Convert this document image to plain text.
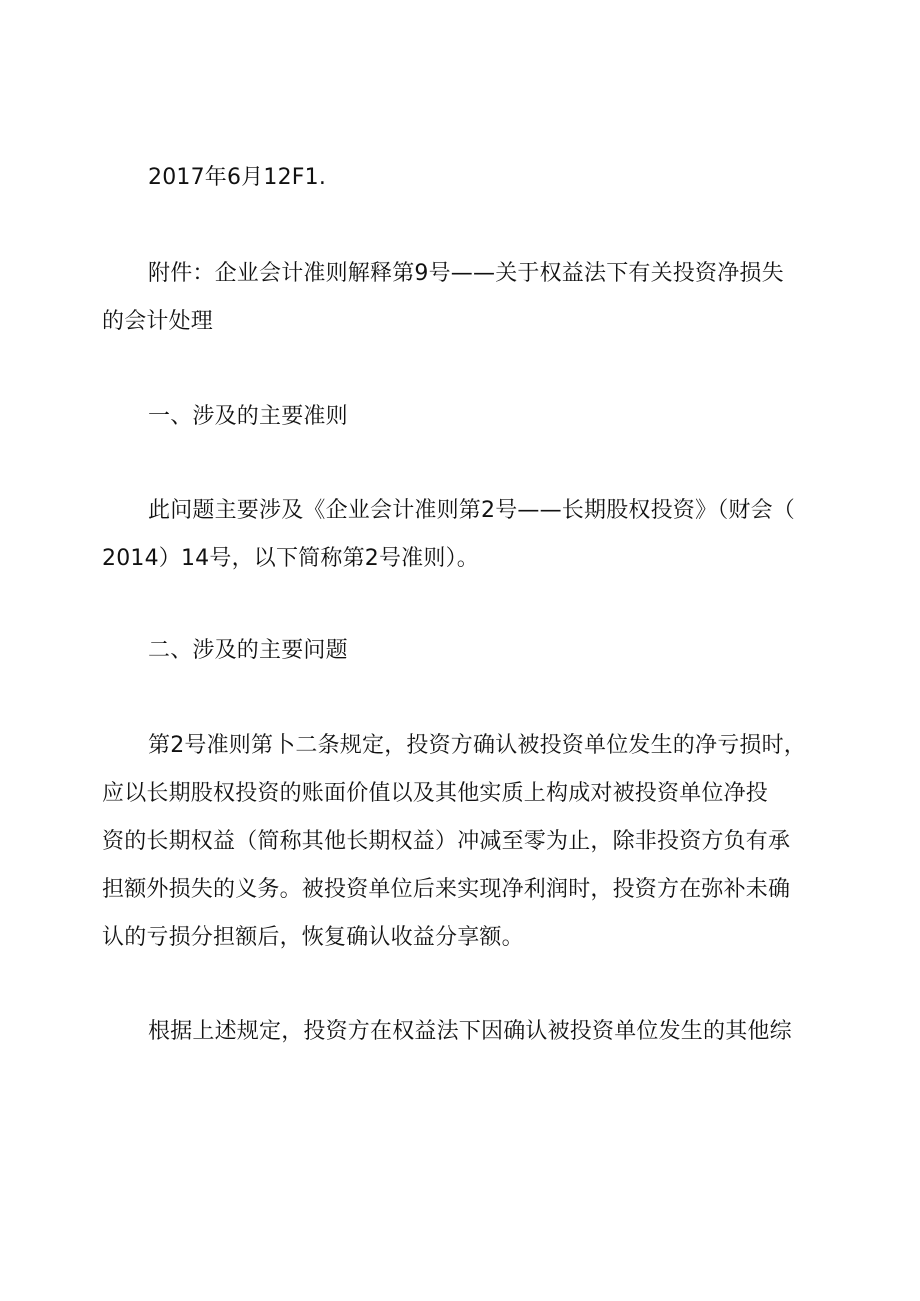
2017年6月12F1.
附件：企业会计准则解释第9号——关于权益法下有关投资净损失
的会计处理
一、涉及的主要准则
此问题主要涉及《企业会计准则第2号——长期股权投资》（财会（
2014）14号，以下简称第2号准则）。
二、涉及的主要问题
第2号准则第卜二条规定，投资方确认被投资单位发生的净亏损时，
应以长期股权投资的账面价值以及其他实质上构成对被投资单位净投
资的长期权益（简称其他长期权益）冲减至零为止，除非投资方负有承
担额外损失的义务。被投资单位后来实现净利润时，投资方在弥补未确
认的亏损分担额后，恢复确认收益分享额。
根据上述规定，投资方在权益法下因确认被投资单位发生的其他综
